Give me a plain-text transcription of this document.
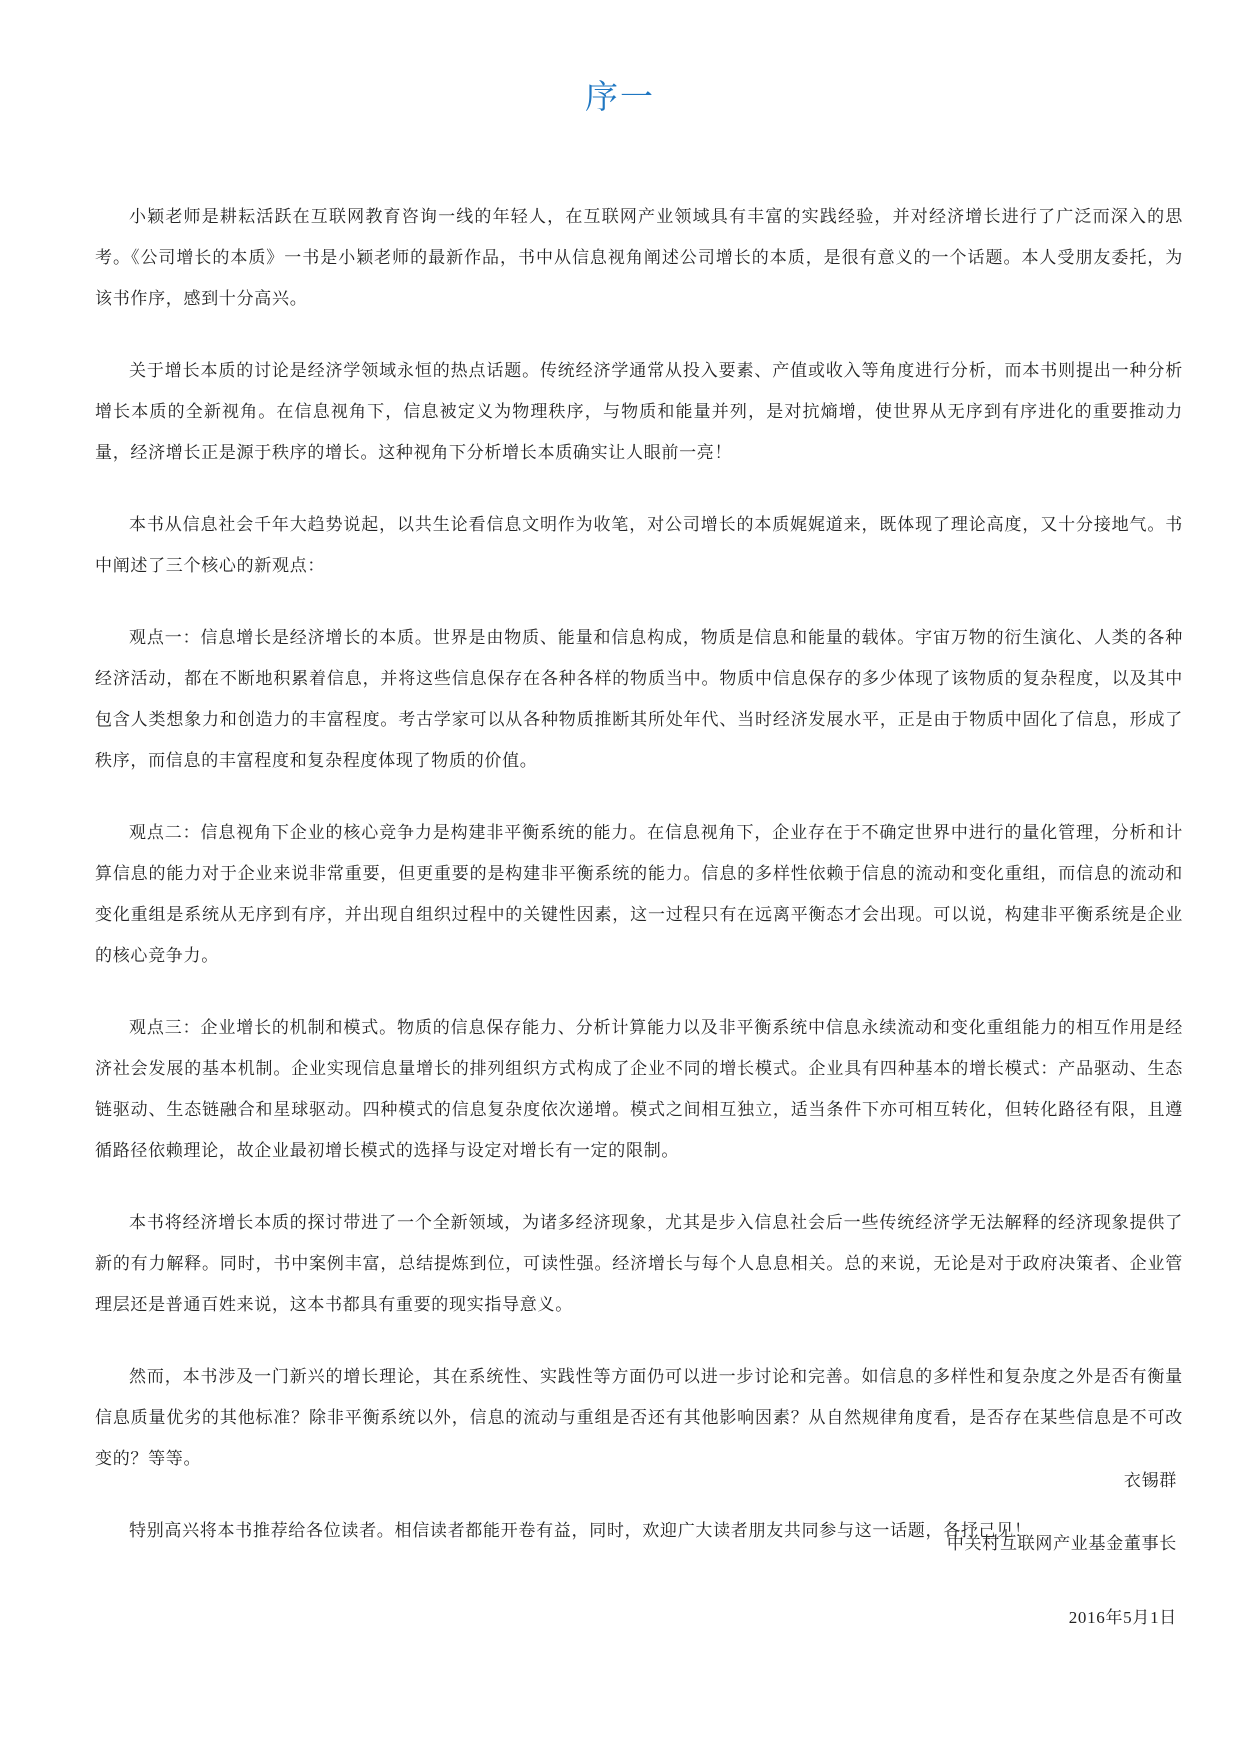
序一

小颖老师是耕耘活跃在互联网教育咨询一线的年轻人，在互联网产业领域具有丰富的实践经验，并对经济增长进行了广泛而深入的思考。《公司增长的本质》一书是小颖老师的最新作品，书中从信息视角阐述公司增长的本质，是很有意义的一个话题。本人受朋友委托，为该书作序，感到十分高兴。

关于增长本质的讨论是经济学领域永恒的热点话题。传统经济学通常从投入要素、产值或收入等角度进行分析，而本书则提出一种分析增长本质的全新视角。在信息视角下，信息被定义为物理秩序，与物质和能量并列，是对抗熵增，使世界从无序到有序进化的重要推动力量，经济增长正是源于秩序的增长。这种视角下分析增长本质确实让人眼前一亮！

本书从信息社会千年大趋势说起，以共生论看信息文明作为收笔，对公司增长的本质娓娓道来，既体现了理论高度，又十分接地气。书中阐述了三个核心的新观点：

观点一：信息增长是经济增长的本质。世界是由物质、能量和信息构成，物质是信息和能量的载体。宇宙万物的衍生演化、人类的各种经济活动，都在不断地积累着信息，并将这些信息保存在各种各样的物质当中。物质中信息保存的多少体现了该物质的复杂程度，以及其中包含人类想象力和创造力的丰富程度。考古学家可以从各种物质推断其所处年代、当时经济发展水平，正是由于物质中固化了信息，形成了秩序，而信息的丰富程度和复杂程度体现了物质的价值。

观点二：信息视角下企业的核心竞争力是构建非平衡系统的能力。在信息视角下，企业存在于不确定世界中进行的量化管理，分析和计算信息的能力对于企业来说非常重要，但更重要的是构建非平衡系统的能力。信息的多样性依赖于信息的流动和变化重组，而信息的流动和变化重组是系统从无序到有序，并出现自组织过程中的关键性因素，这一过程只有在远离平衡态才会出现。可以说，构建非平衡系统是企业的核心竞争力。

观点三：企业增长的机制和模式。物质的信息保存能力、分析计算能力以及非平衡系统中信息永续流动和变化重组能力的相互作用是经济社会发展的基本机制。企业实现信息量增长的排列组织方式构成了企业不同的增长模式。企业具有四种基本的增长模式：产品驱动、生态链驱动、生态链融合和星球驱动。四种模式的信息复杂度依次递增。模式之间相互独立，适当条件下亦可相互转化，但转化路径有限，且遵循路径依赖理论，故企业最初增长模式的选择与设定对增长有一定的限制。

本书将经济增长本质的探讨带进了一个全新领域，为诸多经济现象，尤其是步入信息社会后一些传统经济学无法解释的经济现象提供了新的有力解释。同时，书中案例丰富，总结提炼到位，可读性强。经济增长与每个人息息相关。总的来说，无论是对于政府决策者、企业管理层还是普通百姓来说，这本书都具有重要的现实指导意义。

然而，本书涉及一门新兴的增长理论，其在系统性、实践性等方面仍可以进一步讨论和完善。如信息的多样性和复杂度之外是否有衡量信息质量优劣的其他标准？除非平衡系统以外，信息的流动与重组是否还有其他影响因素？从自然规律角度看，是否存在某些信息是不可改变的？等等。

特别高兴将本书推荐给各位读者。相信读者都能开卷有益，同时，欢迎广大读者朋友共同参与这一话题，各抒己见！

衣锡群
中关村互联网产业基金董事长
2016年5月1日
